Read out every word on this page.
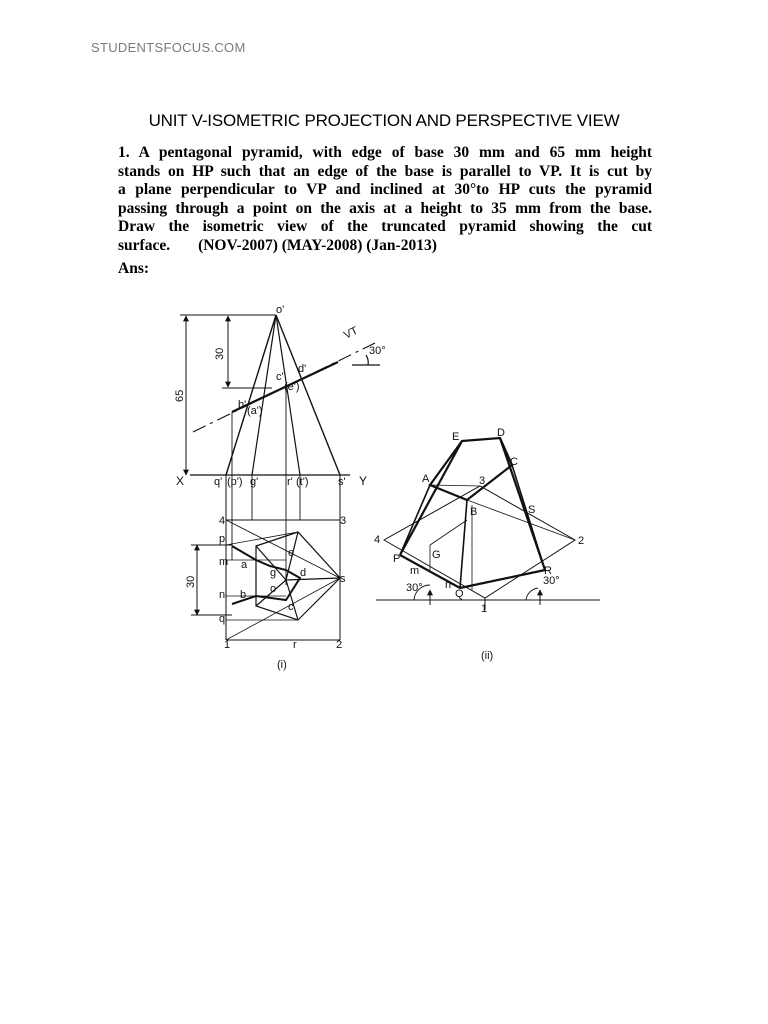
STUDENTSFOCUS.COM
UNIT V-ISOMETRIC PROJECTION AND PERSPECTIVE VIEW
1. A pentagonal pyramid, with edge of base 30 mm and 65 mm height
stands on HP such that an edge of the base is parallel to VP. It is cut by
a plane perpendicular to VP and inclined at 30°to HP cuts the pyramid
passing through a point on the axis at a height to 35 mm from the base.
Draw the isometric view of the truncated pyramid showing the cut
surface. (NOV-2007) (MAY-2008) (Jan-2013)
Ans:
o'
VT
30°
65
30
d'
c'
(e')
b' (a')
X	Y
q' (p') g'	r' (t')	s'
4	3
p
m a
e
g d	s
o
30
n b
c
q
1	r	2
(i)
E	D
C
A	3
B	S
4
P	G
2
m
n
30°	Q
R
30°
1
(ii)
